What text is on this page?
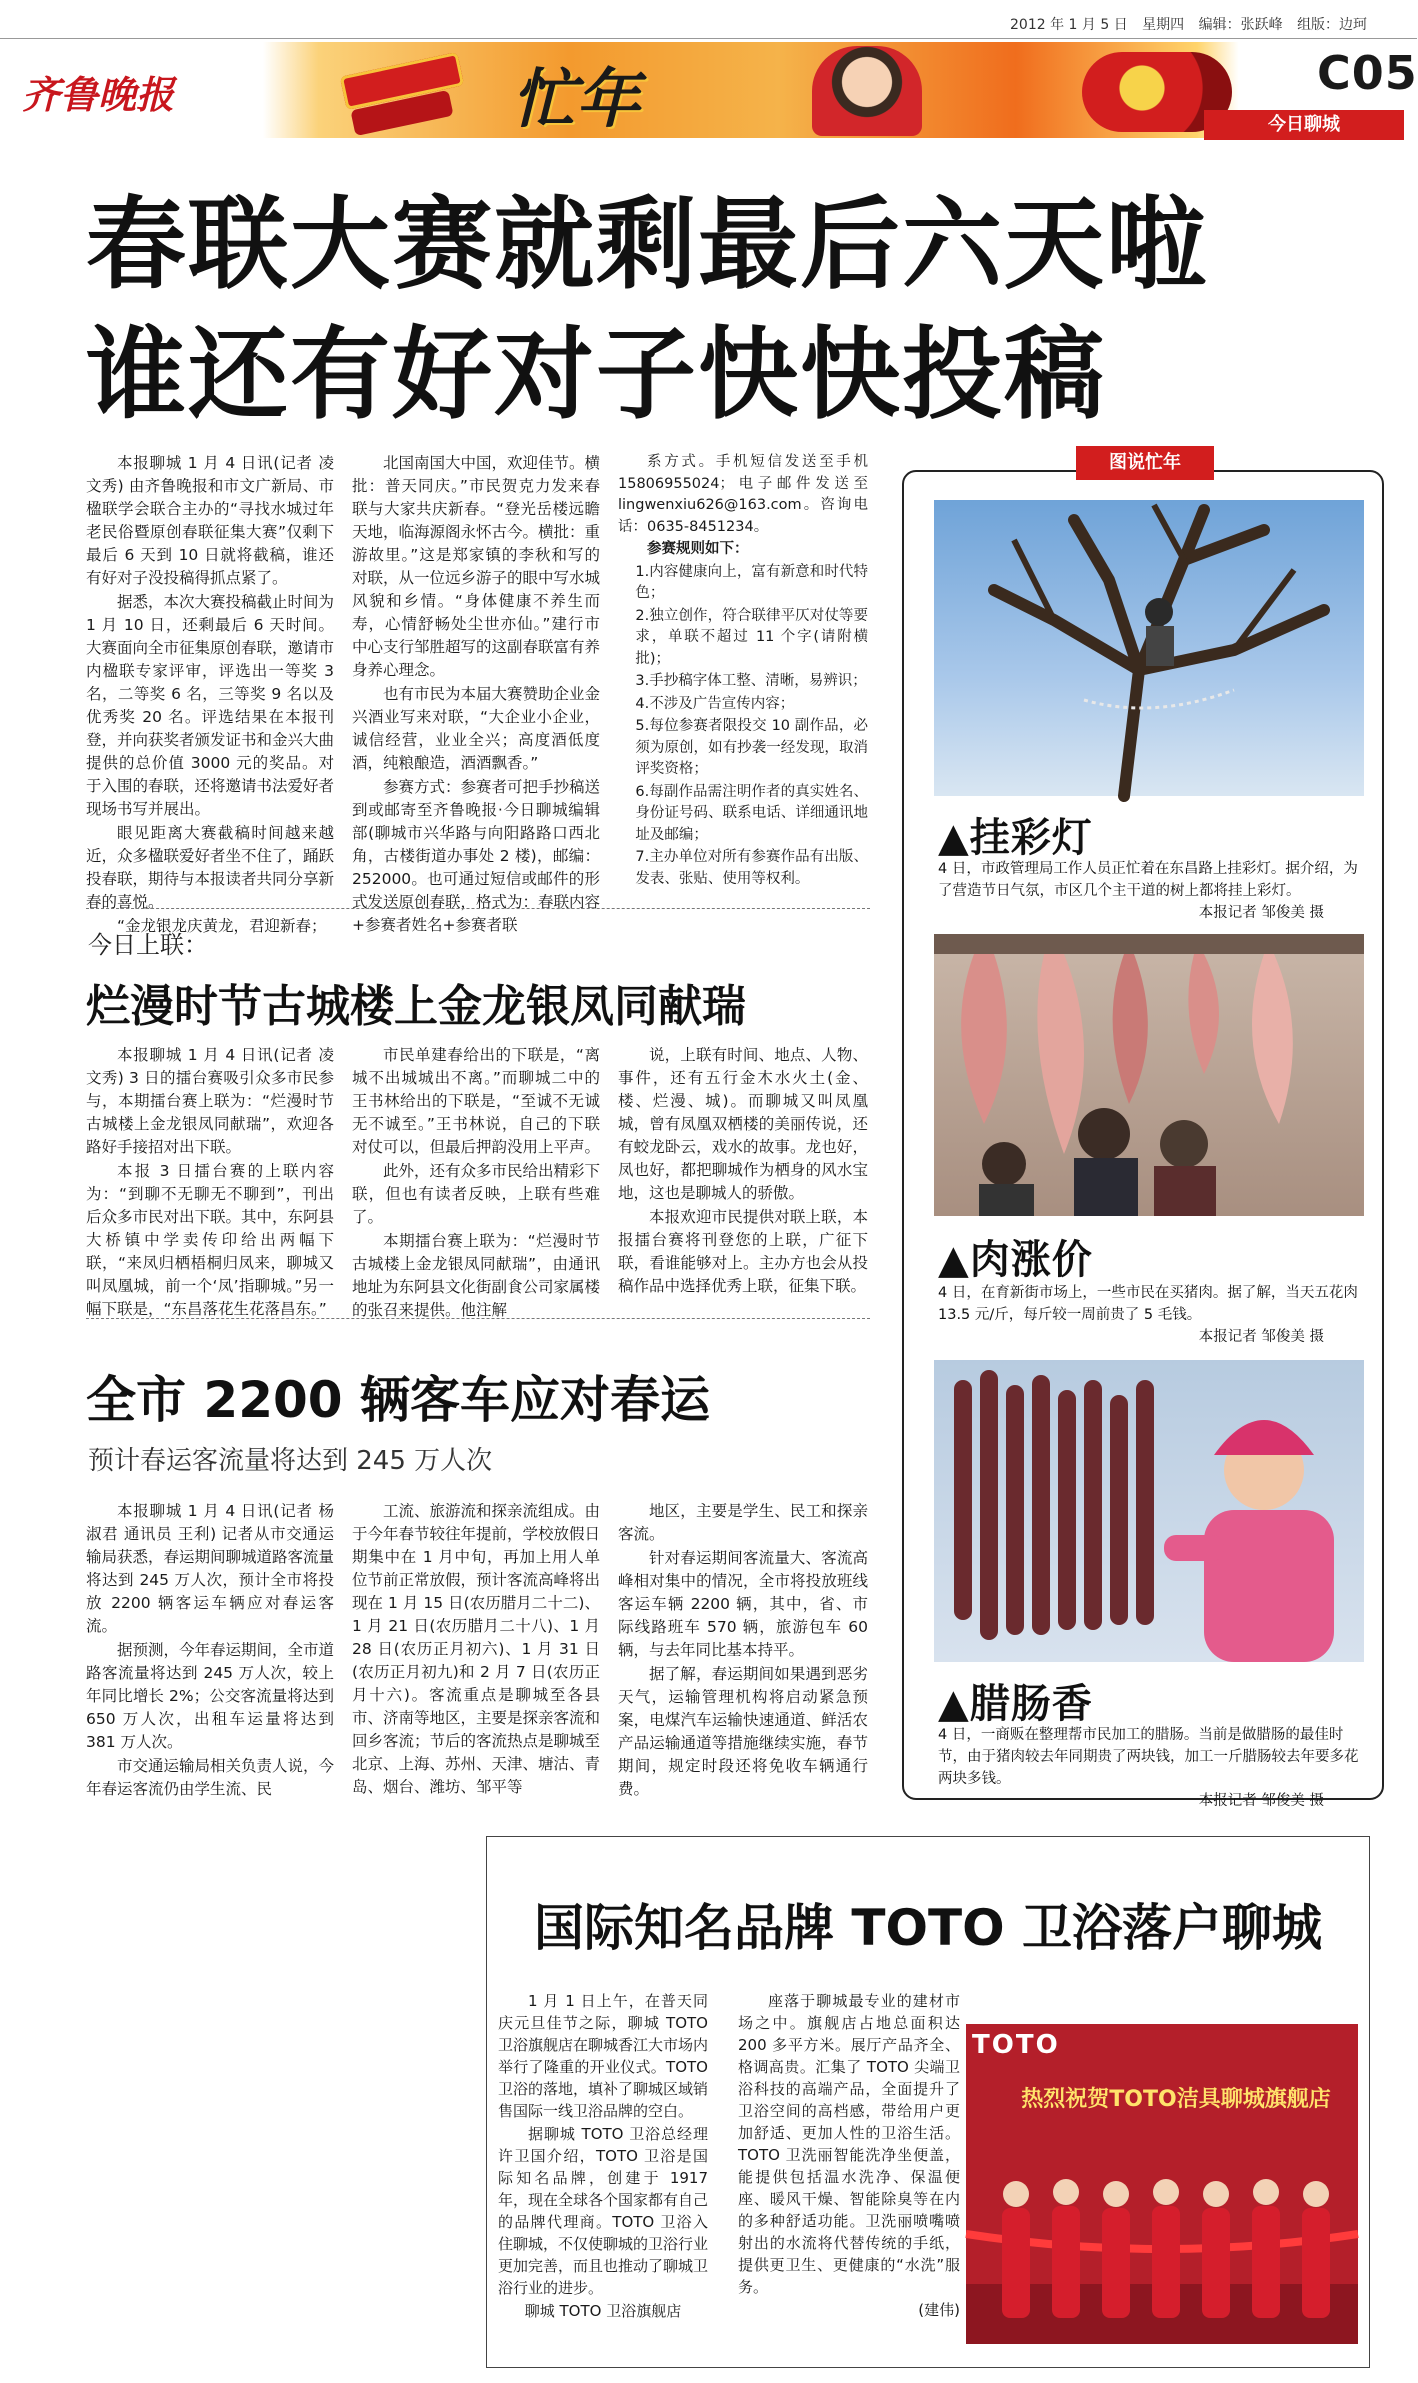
2012 年 1 月 5 日 星期四 编辑：张跃峰 组版：边珂
齐鲁晚报	忙年	C05
今日聊城
春联大赛就剩最后六天啦
谁还有好对子快快投稿

本报聊城 1 月 4 日讯(记者 凌文秀) 由齐鲁晚报和市文广新局、市楹联学会联合主办的“寻找水城过年老民俗暨原创春联征集大赛”仅剩下最后 6 天到 10 日就将截稿，谁还有好对子没投稿得抓点紧了。

据悉，本次大赛投稿截止时间为 1 月 10 日，还剩最后 6 天时间。大赛面向全市征集原创春联，邀请市内楹联专家评审，评选出一等奖 3 名，二等奖 6 名，三等奖 9 名以及优秀奖 20 名。评选结果在本报刊登，并向获奖者颁发证书和金兴大曲提供的总价值 3000 元的奖品。对于入围的春联，还将邀请书法爱好者现场书写并展出。

眼见距离大赛截稿时间越来越近，众多楹联爱好者坐不住了，踊跃投春联，期待与本报读者共同分享新春的喜悦。

“金龙银龙庆黄龙，君迎新春；

北国南国大中国，欢迎佳节。横批：普天同庆。”市民贺克力发来春联与大家共庆新春。“登光岳楼远瞻天地，临海源阁永怀古今。横批：重游故里。”这是郑家镇的李秋和写的对联，从一位远乡游子的眼中写水城风貌和乡情。“身体健康不养生而寿，心情舒畅处尘世亦仙。”建行市中心支行邹胜超写的这副春联富有养身养心理念。

也有市民为本届大赛赞助企业金兴酒业写来对联，“大企业小企业，诚信经营，业业全兴；高度酒低度酒，纯粮酿造，酒酒飘香。”

参赛方式：参赛者可把手抄稿送到或邮寄至齐鲁晚报·今日聊城编辑部(聊城市兴华路与向阳路路口西北角，古楼街道办事处 2 楼)，邮编：252000。也可通过短信或邮件的形式发送原创春联，格式为：春联内容+参赛者姓名+参赛者联

系方式。手机短信发送至手机 15806955024；电子邮件发送至 lingwenxiu626@163.com。咨询电话：0635-8451234。

参赛规则如下：

1.内容健康向上，富有新意和时代特色；

2.独立创作，符合联律平仄对仗等要求，单联不超过 11 个字(请附横批)；

3.手抄稿字体工整、清晰，易辨识；

4.不涉及广告宣传内容；

5.每位参赛者限投交 10 副作品，必须为原创，如有抄袭一经发现，取消评奖资格；

6.每副作品需注明作者的真实姓名、身份证号码、联系电话、详细通讯地址及邮编；

7.主办单位对所有参赛作品有出版、发表、张贴、使用等权利。

今日上联：
烂漫时节古城楼上金龙银凤同献瑞

本报聊城 1 月 4 日讯(记者 凌文秀) 3 日的擂台赛吸引众多市民参与，本期擂台赛上联为：“烂漫时节古城楼上金龙银凤同献瑞”，欢迎各路好手接招对出下联。

本报 3 日擂台赛的上联内容为：“到聊不无聊无不聊到”，刊出后众多市民对出下联。其中，东阿县大桥镇中学卖传印给出两幅下联，“来凤归栖梧桐归凤来，聊城又叫凤凰城，前一个‘凤’指聊城。”另一幅下联是，“东昌落花生花落昌东。”

市民单建春给出的下联是，“离城不出城城出不离。”而聊城二中的王书林给出的下联是，“至诚不无诚无不诚至。”王书林说，自己的下联对仗可以，但最后押韵没用上平声。

此外，还有众多市民给出精彩下联，但也有读者反映，上联有些难了。

本期擂台赛上联为：“烂漫时节古城楼上金龙银凤同献瑞”，由通讯地址为东阿县文化街副食公司家属楼的张召来提供。他注解

说，上联有时间、地点、人物、事件，还有五行金木水火土(金、楼、烂漫、城)。而聊城又叫凤凰城，曾有凤凰双栖楼的美丽传说，还有蛟龙卧云，戏水的故事。龙也好，凤也好，都把聊城作为栖身的风水宝地，这也是聊城人的骄傲。

本报欢迎市民提供对联上联，本报擂台赛将刊登您的上联，广征下联，看谁能够对上。主办方也会从投稿作品中选择优秀上联，征集下联。

全市 2200 辆客车应对春运
预计春运客流量将达到 245 万人次

本报聊城 1 月 4 日讯(记者 杨淑君 通讯员 王利) 记者从市交通运输局获悉，春运期间聊城道路客流量将达到 245 万人次，预计全市将投放 2200 辆客运车辆应对春运客流。

据预测，今年春运期间，全市道路客流量将达到 245 万人次，较上年同比增长 2%；公交客流量将达到 650 万人次，出租车运量将达到 381 万人次。

市交通运输局相关负责人说，今年春运客流仍由学生流、民

工流、旅游流和探亲流组成。由于今年春节较往年提前，学校放假日期集中在 1 月中旬，再加上用人单位节前正常放假，预计客流高峰将出现在 1 月 15 日(农历腊月二十二)、1 月 21 日(农历腊月二十八)、1 月 28 日(农历正月初六)、1 月 31 日(农历正月初九)和 2 月 7 日(农历正月十六)。客流重点是聊城至各县市、济南等地区，主要是探亲客流和回乡客流；节后的客流热点是聊城至北京、上海、苏州、天津、塘沽、青岛、烟台、潍坊、邹平等

地区，主要是学生、民工和探亲客流。

针对春运期间客流量大、客流高峰相对集中的情况，全市将投放班线客运车辆 2200 辆，其中，省、市际线路班车 570 辆，旅游包车 60 辆，与去年同比基本持平。

据了解，春运期间如果遇到恶劣天气，运输管理机构将启动紧急预案，电煤汽车运输快速通道、鲜活农产品运输通道等措施继续实施，春节期间，规定时段还将免收车辆通行费。

图说忙年
▲挂彩灯
4 日，市政管理局工作人员正忙着在东昌路上挂彩灯。据介绍，为了营造节日气氛，市区几个主干道的树上都将挂上彩灯。
本报记者 邹俊美 摄
▲肉涨价
4 日，在育新街市场上，一些市民在买猪肉。据了解，当天五花肉 13.5 元/斤，每斤较一周前贵了 5 毛钱。
本报记者 邹俊美 摄
▲腊肠香
4 日，一商贩在整理帮市民加工的腊肠。当前是做腊肠的最佳时节，由于猪肉较去年同期贵了两块钱，加工一斤腊肠较去年要多花两块多钱。
本报记者 邹俊美 摄
国际知名品牌 TOTO 卫浴落户聊城

1 月 1 日上午，在普天同庆元旦佳节之际，聊城 TOTO 卫浴旗舰店在聊城香江大市场内举行了隆重的开业仪式。TOTO 卫浴的落地，填补了聊城区域销售国际一线卫浴品牌的空白。

据聊城 TOTO 卫浴总经理许卫国介绍，TOTO 卫浴是国际知名品牌，创建于 1917 年，现在全球各个国家都有自己的品牌代理商。TOTO 卫浴入住聊城，不仅使聊城的卫浴行业更加完善，而且也推动了聊城卫浴行业的进步。

聊城 TOTO 卫浴旗舰店

座落于聊城最专业的建材市场之中。旗舰店占地总面积达 200 多平方米。展厅产品齐全、格调高贵。汇集了 TOTO 尖端卫浴科技的高端产品，全面提升了卫浴空间的高档感，带给用户更加舒适、更加人性的卫浴生活。TOTO 卫洗丽智能洗净坐便盖，能提供包括温水洗净、保温便座、暖风干燥、智能除臭等在内的多种舒适功能。卫洗丽喷嘴喷射出的水流将代替传统的手纸，提供更卫生、更健康的“水洗”服务。

(建伟)

TOTO
热烈祝贺TOTO洁具聊城旗舰店
